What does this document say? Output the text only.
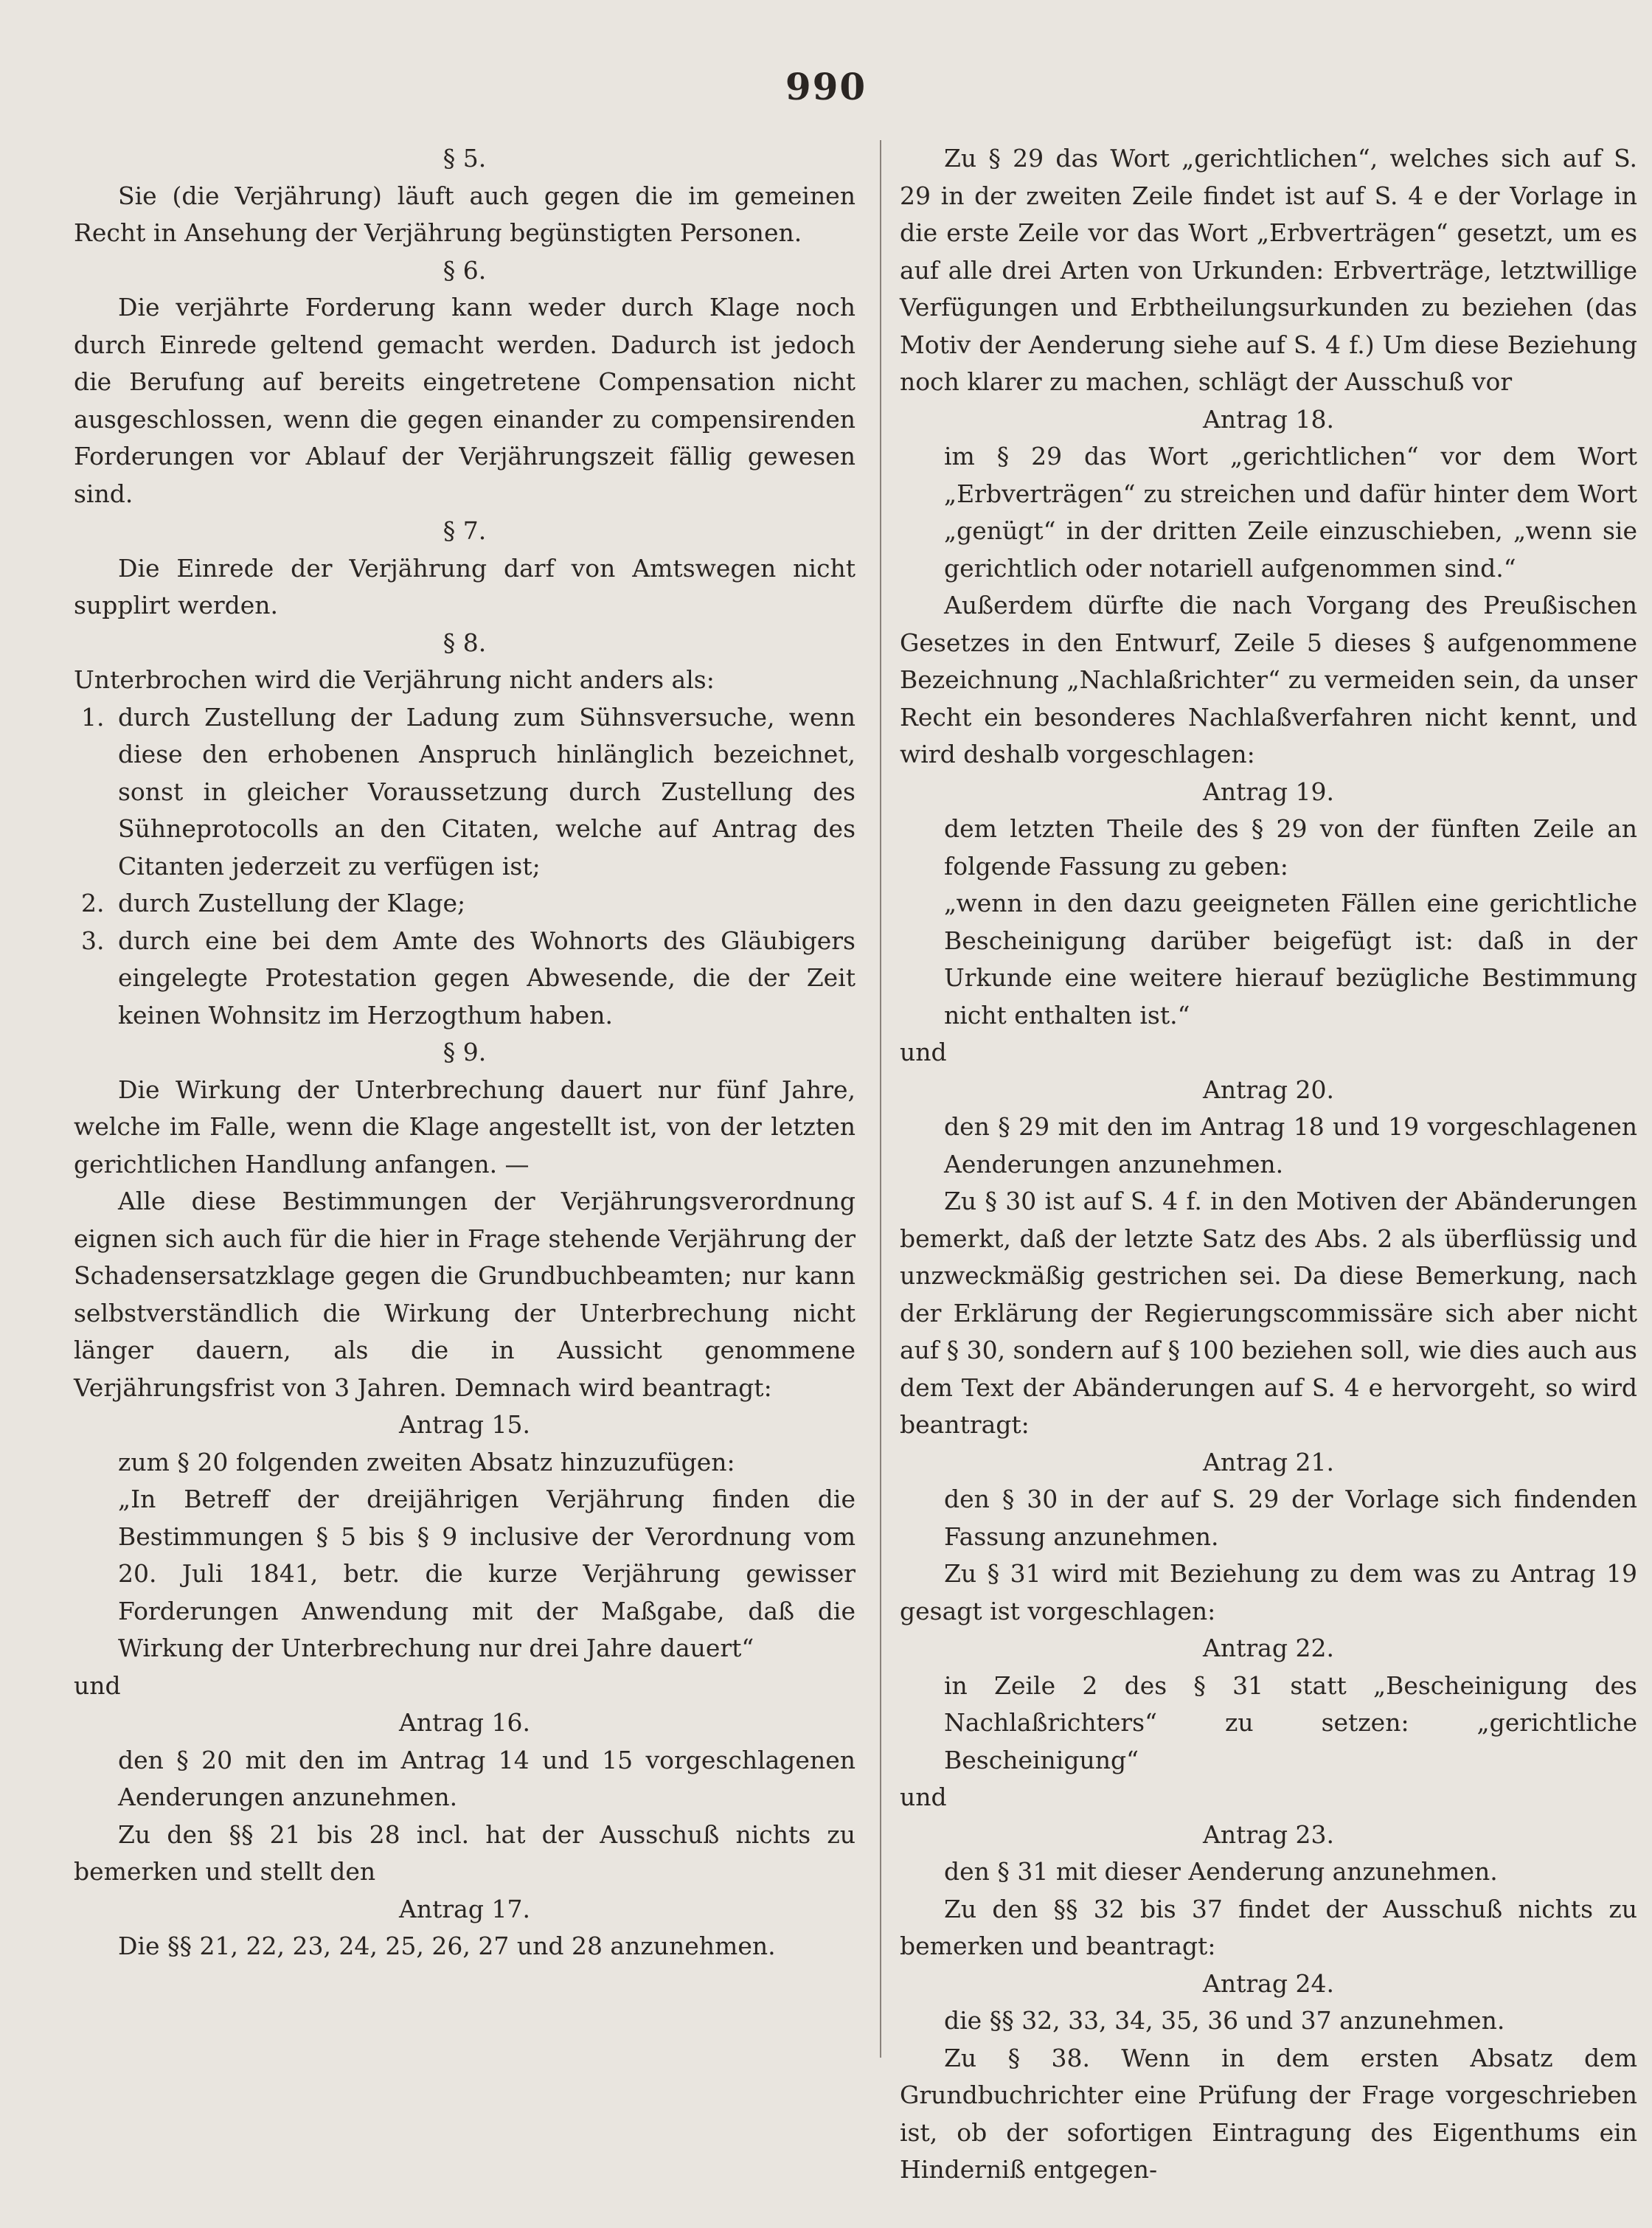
990

§ 5.

Sie (die Verjährung) läuft auch gegen die im gemeinen Recht in Ansehung der Verjährung begünstigten Personen.

§ 6.

Die verjährte Forderung kann weder durch Klage noch durch Einrede geltend gemacht werden. Dadurch ist jedoch die Berufung auf bereits eingetretene Compensation nicht ausgeschlossen, wenn die gegen einander zu compensirenden Forderungen vor Ablauf der Verjährungszeit fällig gewesen sind.

§ 7.

Die Einrede der Verjährung darf von Amtswegen nicht supplirt werden.

§ 8.

Unterbrochen wird die Verjährung nicht anders als:

1. durch Zustellung der Ladung zum Sühnsversuche, wenn diese den erhobenen Anspruch hinlänglich bezeichnet, sonst in gleicher Voraussetzung durch Zustellung des Sühneprotocolls an den Citaten, welche auf Antrag des Citanten jederzeit zu verfügen ist;
2. durch Zustellung der Klage;
3. durch eine bei dem Amte des Wohnorts des Gläubigers eingelegte Protestation gegen Abwesende, die der Zeit keinen Wohnsitz im Herzogthum haben.

§ 9.

Die Wirkung der Unterbrechung dauert nur fünf Jahre, welche im Falle, wenn die Klage angestellt ist, von der letzten gerichtlichen Handlung anfangen. —

Alle diese Bestimmungen der Verjährungsverordnung eignen sich auch für die hier in Frage stehende Verjährung der Schadensersatzklage gegen die Grundbuchbeamten; nur kann selbstverständlich die Wirkung der Unterbrechung nicht länger dauern, als die in Aussicht genommene Verjährungsfrist von 3 Jahren. Demnach wird beantragt:

Antrag 15.

zum § 20 folgenden zweiten Absatz hinzuzufügen:

„In Betreff der dreijährigen Verjährung finden die Bestimmungen § 5 bis § 9 inclusive der Verordnung vom 20. Juli 1841, betr. die kurze Verjährung gewisser Forderungen Anwendung mit der Maßgabe, daß die Wirkung der Unterbrechung nur drei Jahre dauert“

und

Antrag 16.

den § 20 mit den im Antrag 14 und 15 vorgeschlagenen Aenderungen anzunehmen.

Zu den §§ 21 bis 28 incl. hat der Ausschuß nichts zu bemerken und stellt den

Antrag 17.

Die §§ 21, 22, 23, 24, 25, 26, 27 und 28 anzunehmen.

Zu § 29 das Wort „gerichtlichen“, welches sich auf S. 29 in der zweiten Zeile findet ist auf S. 4 e der Vorlage in die erste Zeile vor das Wort „Erbverträgen“ gesetzt, um es auf alle drei Arten von Urkunden: Erbverträge, letztwillige Verfügungen und Erbtheilungsurkunden zu beziehen (das Motiv der Aenderung siehe auf S. 4 f.) Um diese Beziehung noch klarer zu machen, schlägt der Ausschuß vor

Antrag 18.

im § 29 das Wort „gerichtlichen“ vor dem Wort „Erbverträgen“ zu streichen und dafür hinter dem Wort „genügt“ in der dritten Zeile einzuschieben, „wenn sie gerichtlich oder notariell aufgenommen sind.“

Außerdem dürfte die nach Vorgang des Preußischen Gesetzes in den Entwurf, Zeile 5 dieses § aufgenommene Bezeichnung „Nachlaßrichter“ zu vermeiden sein, da unser Recht ein besonderes Nachlaßverfahren nicht kennt, und wird deshalb vorgeschlagen:

Antrag 19.

dem letzten Theile des § 29 von der fünften Zeile an folgende Fassung zu geben:

„wenn in den dazu geeigneten Fällen eine gerichtliche Bescheinigung darüber beigefügt ist: daß in der Urkunde eine weitere hierauf bezügliche Bestimmung nicht enthalten ist.“

und

Antrag 20.

den § 29 mit den im Antrag 18 und 19 vorgeschlagenen Aenderungen anzunehmen.

Zu § 30 ist auf S. 4 f. in den Motiven der Abänderungen bemerkt, daß der letzte Satz des Abs. 2 als überflüssig und unzweckmäßig gestrichen sei. Da diese Bemerkung, nach der Erklärung der Regierungscommissäre sich aber nicht auf § 30, sondern auf § 100 beziehen soll, wie dies auch aus dem Text der Abänderungen auf S. 4 e hervorgeht, so wird beantragt:

Antrag 21.

den § 30 in der auf S. 29 der Vorlage sich findenden Fassung anzunehmen.

Zu § 31 wird mit Beziehung zu dem was zu Antrag 19 gesagt ist vorgeschlagen:

Antrag 22.

in Zeile 2 des § 31 statt „Bescheinigung des Nachlaßrichters“ zu setzen: „gerichtliche Bescheinigung“

und

Antrag 23.

den § 31 mit dieser Aenderung anzunehmen.

Zu den §§ 32 bis 37 findet der Ausschuß nichts zu bemerken und beantragt:

Antrag 24.

die §§ 32, 33, 34, 35, 36 und 37 anzunehmen.

Zu § 38. Wenn in dem ersten Absatz dem Grundbuchrichter eine Prüfung der Frage vorgeschrieben ist, ob der sofortigen Eintragung des Eigenthums ein Hinderniß entgegen-
